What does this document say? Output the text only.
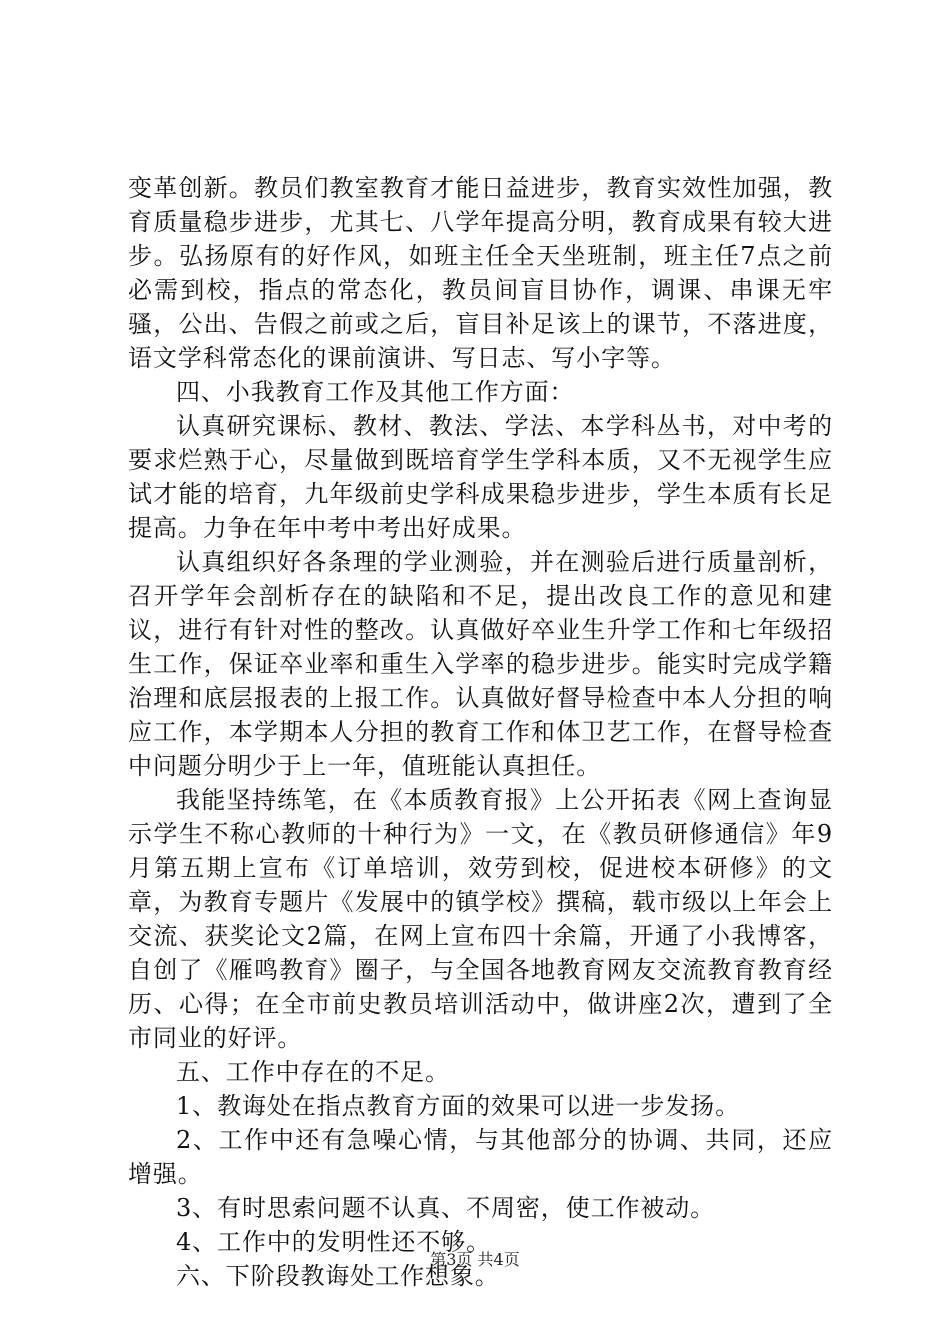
变革创新。教员们教室教育才能日益进步，教育实效性加强，教育质量稳步进步，尤其七、八学年提高分明，教育成果有较大进步。弘扬原有的好作风，如班主任全天坐班制，班主任7点之前必需到校，指点的常态化，教员间盲目协作，调课、串课无牢骚，公出、告假之前或之后，盲目补足该上的课节，不落进度，语文学科常态化的课前演讲、写日志、写小字等。

四、小我教育工作及其他工作方面：

认真研究课标、教材、教法、学法、本学科丛书，对中考的要求烂熟于心，尽量做到既培育学生学科本质，又不无视学生应试才能的培育，九年级前史学科成果稳步进步，学生本质有长足提高。力争在年中考中考出好成果。

认真组织好各条理的学业测验，并在测验后进行质量剖析，召开学年会剖析存在的缺陷和不足，提出改良工作的意见和建议，进行有针对性的整改。认真做好卒业生升学工作和七年级招生工作，保证卒业率和重生入学率的稳步进步。能实时完成学籍治理和底层报表的上报工作。认真做好督导检查中本人分担的响应工作，本学期本人分担的教育工作和体卫艺工作，在督导检查中问题分明少于上一年，值班能认真担任。

我能坚持练笔，在《本质教育报》上公开拓表《网上查询显示学生不称心教师的十种行为》一文，在《教员研修通信》年9月第五期上宣布《订单培训，效劳到校，促进校本研修》的文章，为教育专题片《发展中的镇学校》撰稿，载市级以上年会上交流、获奖论文2篇，在网上宣布四十余篇，开通了小我博客，自创了《雁鸣教育》圈子，与全国各地教育网友交流教育教育经历、心得；在全市前史教员培训活动中，做讲座2次，遭到了全市同业的好评。

五、工作中存在的不足。

1、教诲处在指点教育方面的效果可以进一步发扬。

2、工作中还有急噪心情，与其他部分的协调、共同，还应增强。

3、有时思索问题不认真、不周密，使工作被动。

4、工作中的发明性还不够。

六、下阶段教诲处工作想象。

第3页 共4页
